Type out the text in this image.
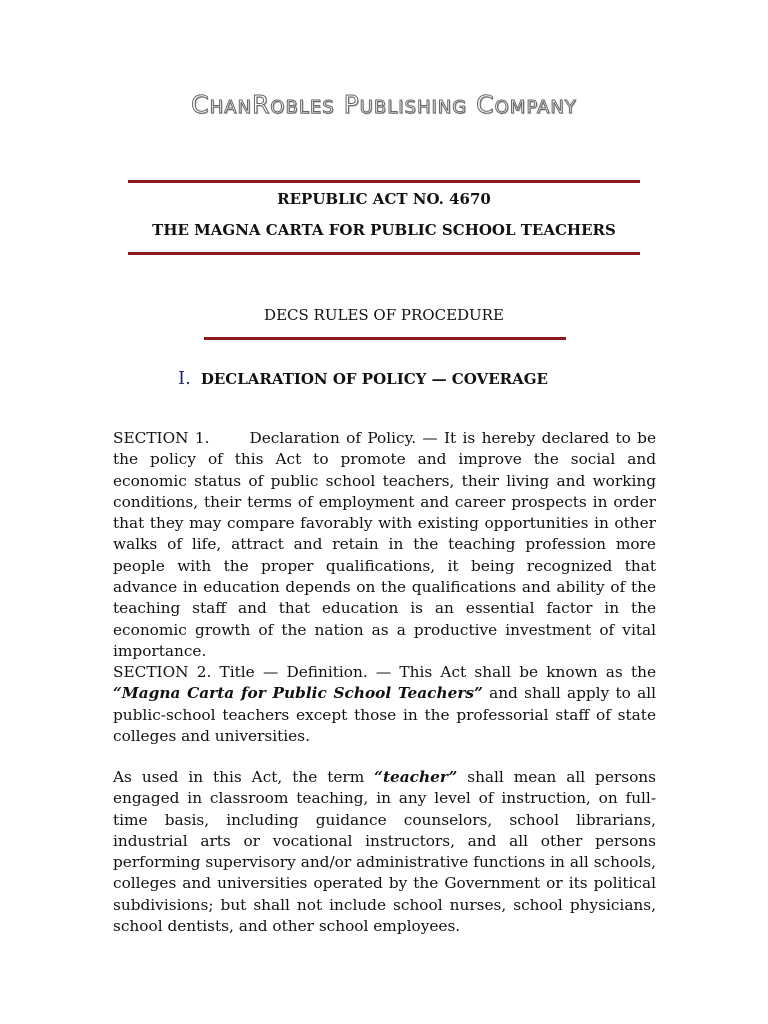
ChanRobles Publishing Company
REPUBLIC ACT NO. 4670
THE MAGNA CARTA FOR PUBLIC SCHOOL TEACHERS
DECS RULES OF PROCEDURE
I. DECLARATION OF POLICY — COVERAGE

SECTION 1.	Declaration of Policy. — It is hereby declared to be the policy of this Act to promote and improve the social and economic status of public school teachers, their living and working conditions, their terms of employment and career prospects in order that they may compare favorably with existing opportunities in other walks of life, attract and retain in the teaching profession more people with the proper qualifications, it being recognized that advance in education depends on the qualifications and ability of the teaching staff and that education is an essential factor in the economic growth of the nation as a productive investment of vital importance.

SECTION 2. Title — Definition. — This Act shall be known as the “Magna Carta for Public School Teachers” and shall apply to all public-school teachers except those in the professorial staff of state colleges and universities.

As used in this Act, the term “teacher” shall mean all persons engaged in classroom teaching, in any level of instruction, on full- time basis, including guidance counselors, school librarians, industrial arts or vocational instructors, and all other persons performing supervisory and/or administrative functions in all schools, colleges and universities operated by the Government or its political subdivisions; but shall not include school nurses, school physicians, school dentists, and other school employees.
